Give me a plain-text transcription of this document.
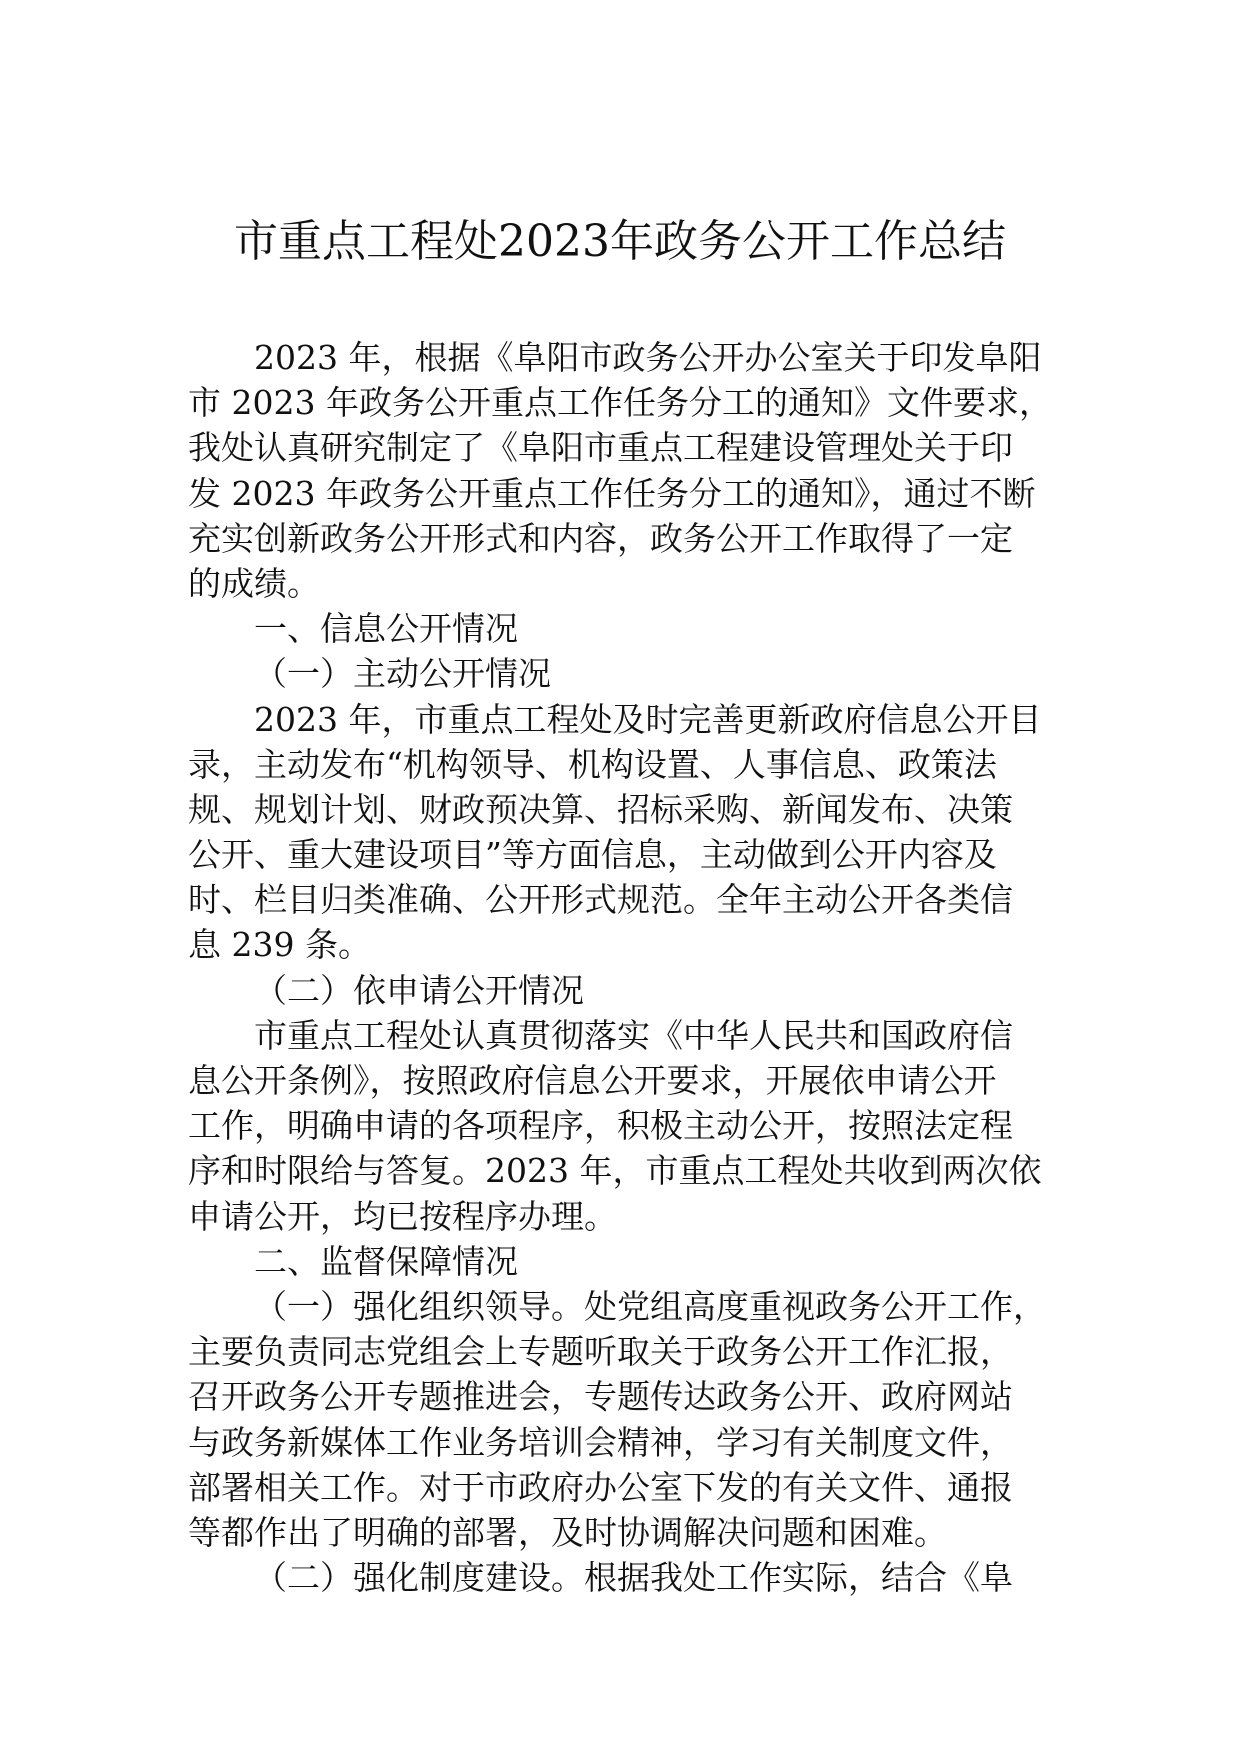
市重点工程处2023年政务公开工作总结
2023 年，根据《阜阳市政务公开办公室关于印发阜阳
市 2023 年政务公开重点工作任务分工的通知》文件要求，
我处认真研究制定了《阜阳市重点工程建设管理处关于印
发 2023 年政务公开重点工作任务分工的通知》，通过不断
充实创新政务公开形式和内容，政务公开工作取得了一定
的成绩。
一、信息公开情况
（一）主动公开情况
2023 年，市重点工程处及时完善更新政府信息公开目
录，主动发布“机构领导、机构设置、人事信息、政策法
规、规划计划、财政预决算、招标采购、新闻发布、决策
公开、重大建设项目”等方面信息，主动做到公开内容及
时、栏目归类准确、公开形式规范。全年主动公开各类信
息 239 条。
（二）依申请公开情况
市重点工程处认真贯彻落实《中华人民共和国政府信
息公开条例》，按照政府信息公开要求，开展依申请公开
工作，明确申请的各项程序，积极主动公开，按照法定程
序和时限给与答复。2023 年，市重点工程处共收到两次依
申请公开，均已按程序办理。
二、监督保障情况
（一）强化组织领导。处党组高度重视政务公开工作，
主要负责同志党组会上专题听取关于政务公开工作汇报，
召开政务公开专题推进会，专题传达政务公开、政府网站
与政务新媒体工作业务培训会精神，学习有关制度文件，
部署相关工作。对于市政府办公室下发的有关文件、通报
等都作出了明确的部署，及时协调解决问题和困难。
（二）强化制度建设。根据我处工作实际，结合《阜
